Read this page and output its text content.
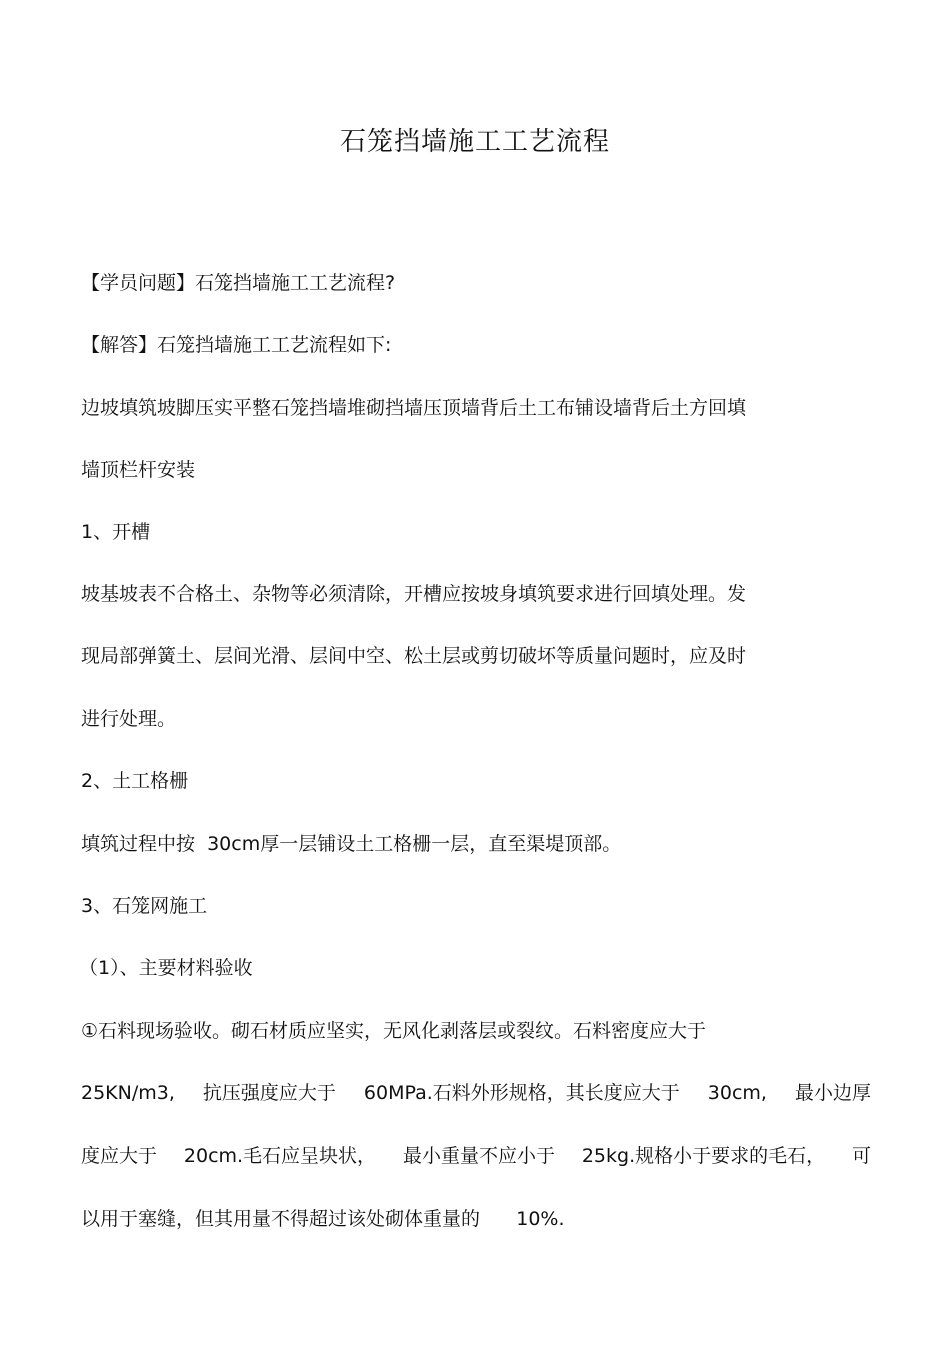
石笼挡墙施工工艺流程
【学员问题】石笼挡墙施工工艺流程?
【解答】石笼挡墙施工工艺流程如下:
边坡填筑坡脚压实平整石笼挡墙堆砌挡墙压顶墙背后土工布铺设墙背后土方回填
墙顶栏杆安装
1、开槽
坡基坡表不合格土、杂物等必须清除，开槽应按坡身填筑要求进行回填处理。发
现局部弹簧土、层间光滑、层间中空、松土层或剪切破坏等质量问题时，应及时
进行处理。
2、土工格栅
填筑过程中按  30cm厚一层铺设土工格栅一层，直至渠堤顶部。
3、石笼网施工
（1）、主要材料验收
①石料现场验收。砌石材质应坚实，无风化剥落层或裂纹。石料密度应大于
25KN/m3, 抗压强度应大于 60MPa.石料外形规格，其长度应大于 30cm, 最小边厚
度应大于 20cm.毛石应呈块状， 最小重量不应小于 25kg.规格小于要求的毛石， 可
以用于塞缝，但其用量不得超过该处砌体重量的      10%.
